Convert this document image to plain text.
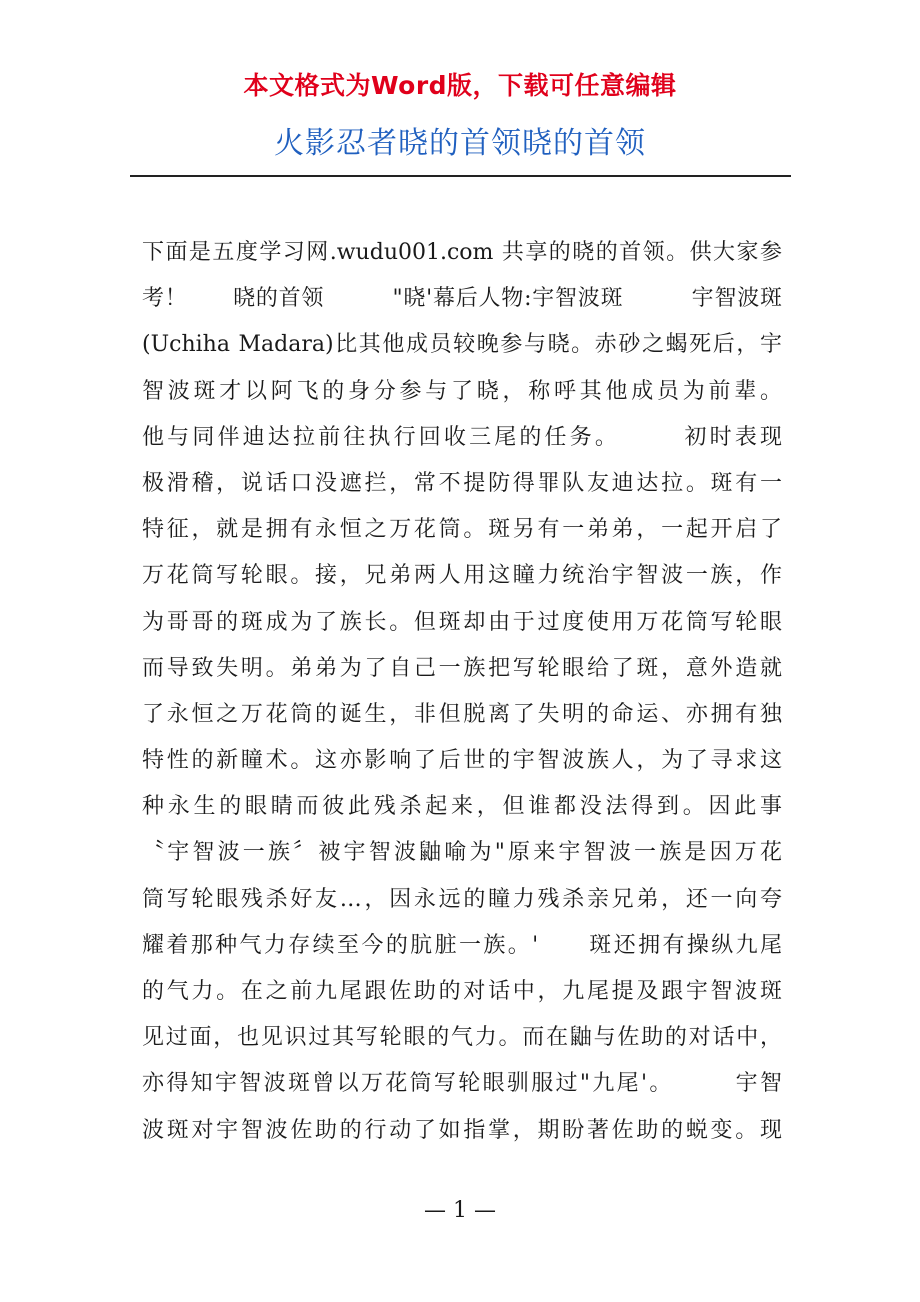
本文格式为Word版，下载可任意编辑
火影忍者晓的首领晓的首领
下面是五度学习网.wudu001.com 共享的晓的首领。供大家参
考！　　晓的首领　　　"晓'幕后人物:宇智波斑　　　宇智波斑
(Uchiha Madara)比其他成员较晚参与晓。赤砂之蝎死后，宇
智波斑才以阿飞的身分参与了晓，称呼其他成员为前辈。
他与同伴迪达拉前往执行回收三尾的任务。　　　初时表现
极滑稽，说话口没遮拦，常不提防得罪队友迪达拉。斑有一
特征，就是拥有永恒之万花筒。斑另有一弟弟，一起开启了
万花筒写轮眼。接，兄弟两人用这瞳力统治宇智波一族，作
为哥哥的斑成为了族长。但斑却由于过度使用万花筒写轮眼
而导致失明。弟弟为了自己一族把写轮眼给了斑，意外造就
了永恒之万花筒的诞生，非但脱离了失明的命运、亦拥有独
特性的新瞳术。这亦影响了后世的宇智波族人，为了寻求这
种永生的眼睛而彼此残杀起来，但谁都没法得到。因此事
〝宇智波一族〞被宇智波鼬喻为"原来宇智波一族是因万花
筒写轮眼残杀好友…，因永远的瞳力残杀亲兄弟，还一向夸
耀着那种气力存续至今的肮脏一族。'　　斑还拥有操纵九尾
的气力。在之前九尾跟佐助的对话中，九尾提及跟宇智波斑
见过面，也见识过其写轮眼的气力。而在鼬与佐助的对话中，
亦得知宇智波斑曾以万花筒写轮眼驯服过"九尾'。　　　宇智
波斑对宇智波佐助的行动了如指掌，期盼著佐助的蜕变。现
— 1 —
